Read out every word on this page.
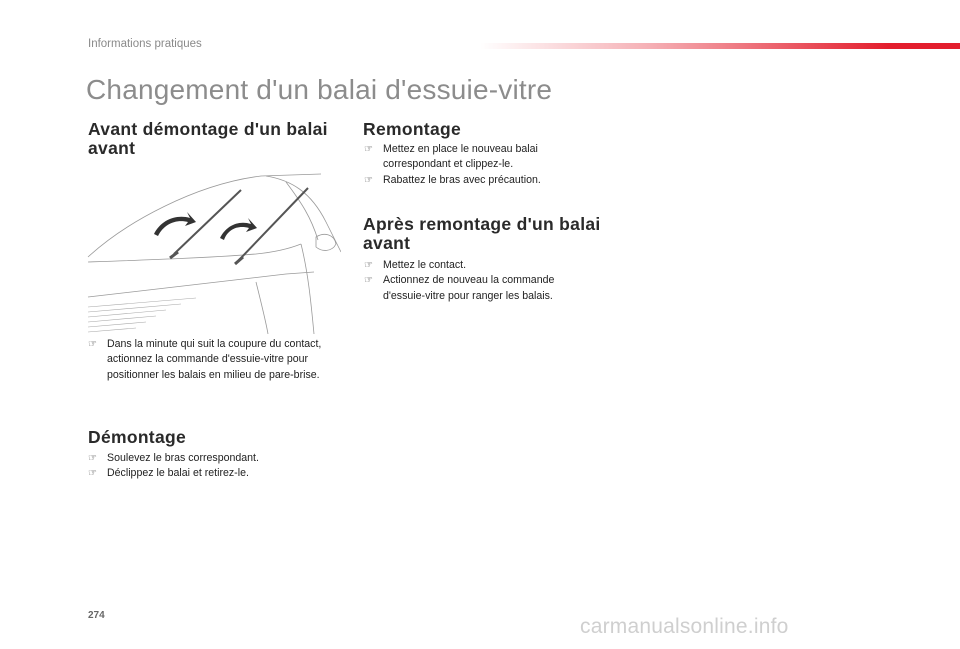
Informations pratiques
Changement d'un balai d'essuie-vitre
Avant démontage d'un balai avant
☞ Dans la minute qui suit la coupure du contact, actionnez la commande d'essuie-vitre pour positionner les balais en milieu de pare-brise.
Démontage
☞ Soulevez le bras correspondant.
☞ Déclippez le balai et retirez-le.
Remontage
☞ Mettez en place le nouveau balai correspondant et clippez-le.
☞ Rabattez le bras avec précaution.
Après remontage d'un balai avant
☞ Mettez le contact.
☞ Actionnez de nouveau la commande d'essuie-vitre pour ranger les balais.
274	carmanualsonline.info
